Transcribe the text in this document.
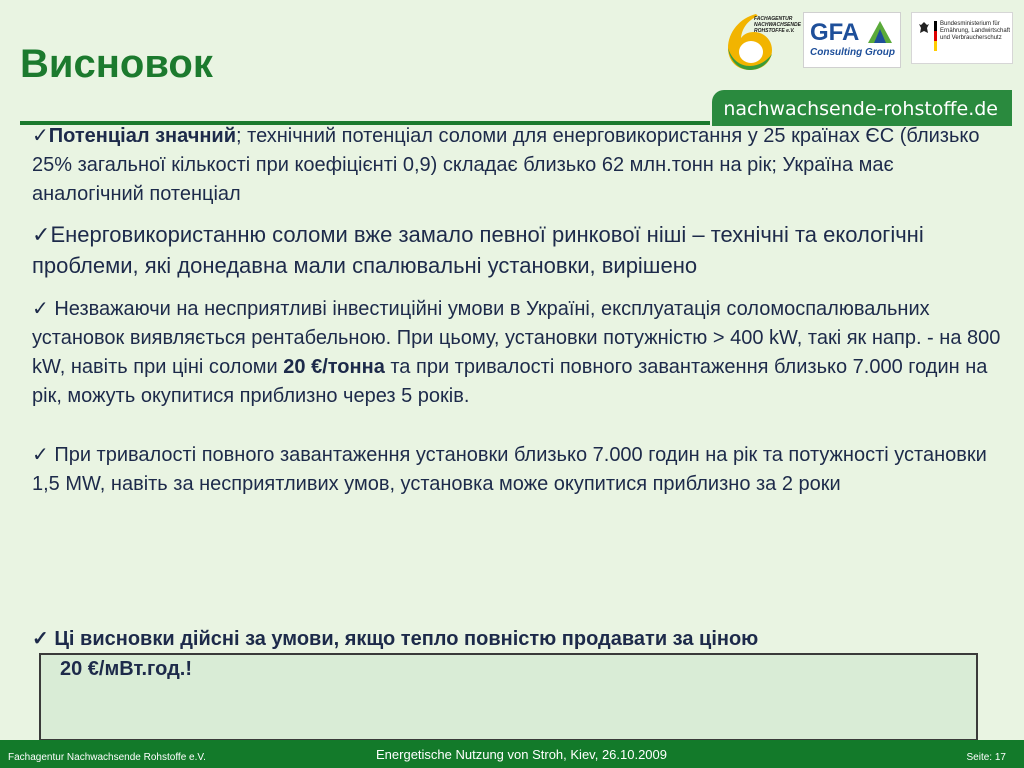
Висновок
FACHAGENTUR NACHWACHSENDE ROHSTOFFE e.V. GFA
Consulting Group
Bundesministerium für
Ernährung, Landwirtschaft
und Verbraucherschutz
nachwachsende-rohstoffe.de

✓Потенціал значний; технічний потенціал соломи для енерговикористання у 25 країнах ЄС (близько 25% загальної кількості при коефіцієнті 0,9) складає близько 62 млн.тонн на рік; Україна має аналогічний потенціал

✓Енерговикористанню соломи вже замало певної ринкової ніші – технічні та екологічні проблеми, які донедавна мали спалювальні установки, вирішено

✓ Незважаючи на несприятливі інвестиційні умови в Україні, експлуатація соломоспалювальних установок виявляється рентабельною. При цьому, установки потужністю > 400 kW, такі як напр. - на 800 kW, навіть при ціні соломи 20 €/тонна та при тривалості повного завантаження близько 7.000 годин на рік, можуть окупитися приблизно через 5 років.

✓ При тривалості повного завантаження установки близько 7.000 годин на рік та потужності установки 1,5 MW, навіть за несприятливих умов, установка може окупитися приблизно за 2 роки

✓ Ці висновки дійсні за умови, якщо тепло повністю продавати за ціною
20 €/мВт.год.!
Fachagentur Nachwachsende Rohstoffe e.V.	Energetische Nutzung von Stroh, Kiev, 26.10.2009	Seite: 17
